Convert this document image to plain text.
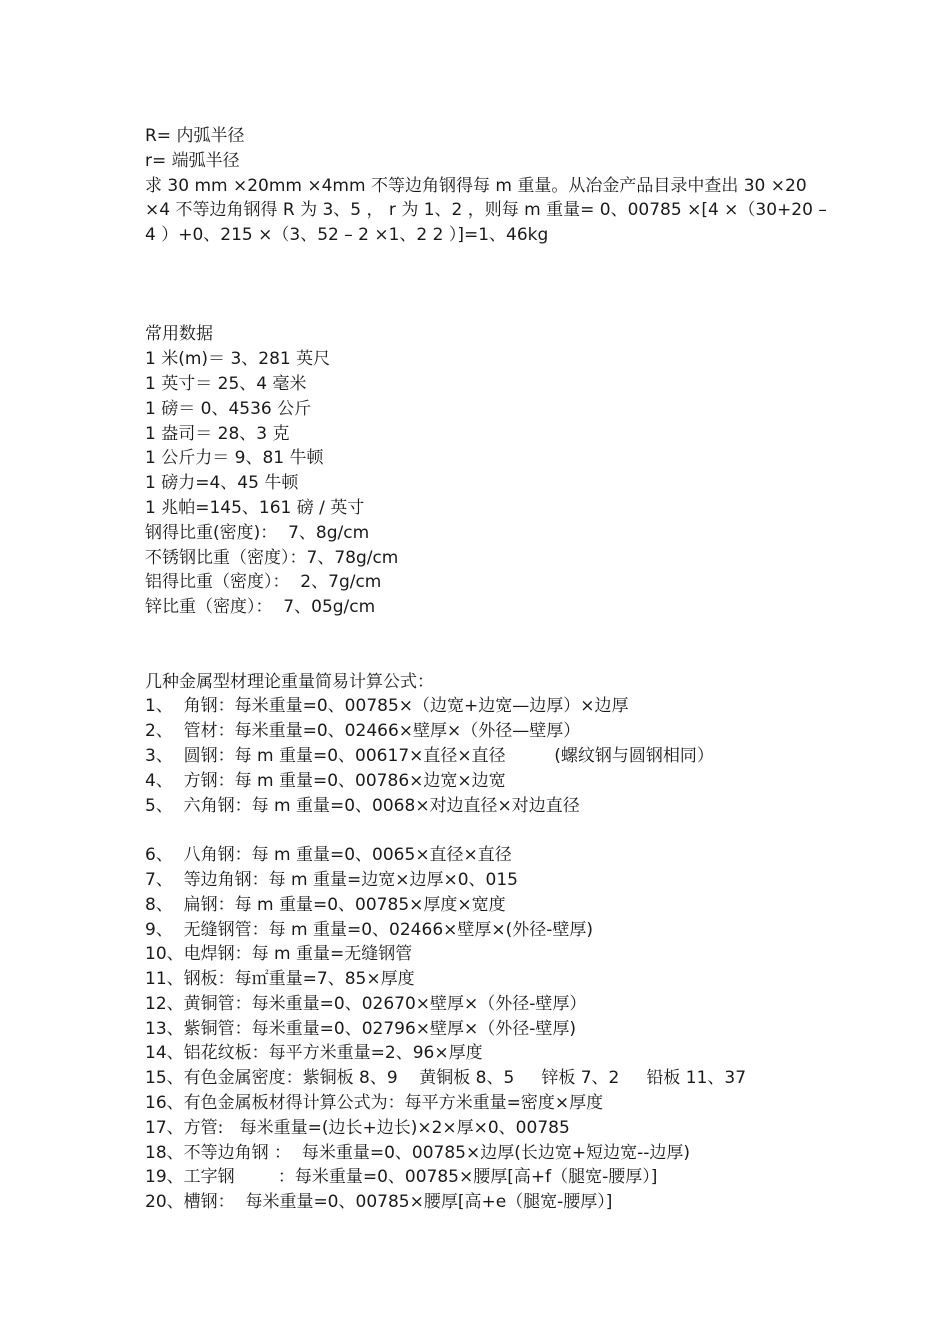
R= 内弧半径

r= 端弧半径

求 30 mm ×20mm ×4mm 不等边角钢得每 m 重量。从冶金产品目录中查出 30 ×20 ×4 不等边角钢得 R 为 3、5 ， r 为 1、2 ，则每 m 重量= 0、00785 ×[4 ×（30+20 – 4 ）+0、215 ×（3、52 – 2 ×1、2 2 ）]=1、46kg

常用数据

1 米(m)＝ 3、281 英尺

1 英寸＝ 25、4 毫米

1 磅＝ 0、4536 公斤

1 盎司＝ 28、3 克

1 公斤力＝ 9、81 牛顿

1 磅力=4、45 牛顿

1 兆帕=145、161 磅 / 英寸

钢得比重(密度)：  7、8g/cm

不锈钢比重（密度）：7、78g/cm

铝得比重（密度）：  2、7g/cm

锌比重（密度）：  7、05g/cm

几种金属型材理论重量简易计算公式：

1、  角钢：每米重量=0、00785×（边宽+边宽—边厚）×边厚

2、  管材：每米重量=0、02466×壁厚×（外径—壁厚）

3、  圆钢：每 m 重量=0、00617×直径×直径         (螺纹钢与圆钢相同）

4、  方钢：每 m 重量=0、00786×边宽×边宽

5、  六角钢：每 m 重量=0、0068×对边直径×对边直径

6、  八角钢：每 m 重量=0、0065×直径×直径

7、  等边角钢：每 m 重量=边宽×边厚×0、015

8、  扁钢：每 m 重量=0、00785×厚度×宽度

9、  无缝钢管：每 m 重量=0、02466×壁厚×(外径-壁厚)

10、电焊钢：每 m 重量=无缝钢管

11、钢板：每㎡重量=7、85×厚度

12、黄铜管：每米重量=0、02670×壁厚×（外径-壁厚）

13、紫铜管：每米重量=0、02796×壁厚×（外径-壁厚)

14、铝花纹板：每平方米重量=2、96×厚度

15、有色金属密度：紫铜板 8、9    黄铜板 8、5     锌板 7、2     铅板 11、37

16、有色金属板材得计算公式为：每平方米重量=密度×厚度

17、方管:   每米重量=(边长+边长)×2×厚×0、00785

18、不等边角钢 ：  每米重量=0、00785×边厚(长边宽+短边宽--边厚)

19、工字钢        ：每米重量=0、00785×腰厚[高+f（腿宽-腰厚）]

20、槽钢：  每米重量=0、00785×腰厚[高+e（腿宽-腰厚）]
